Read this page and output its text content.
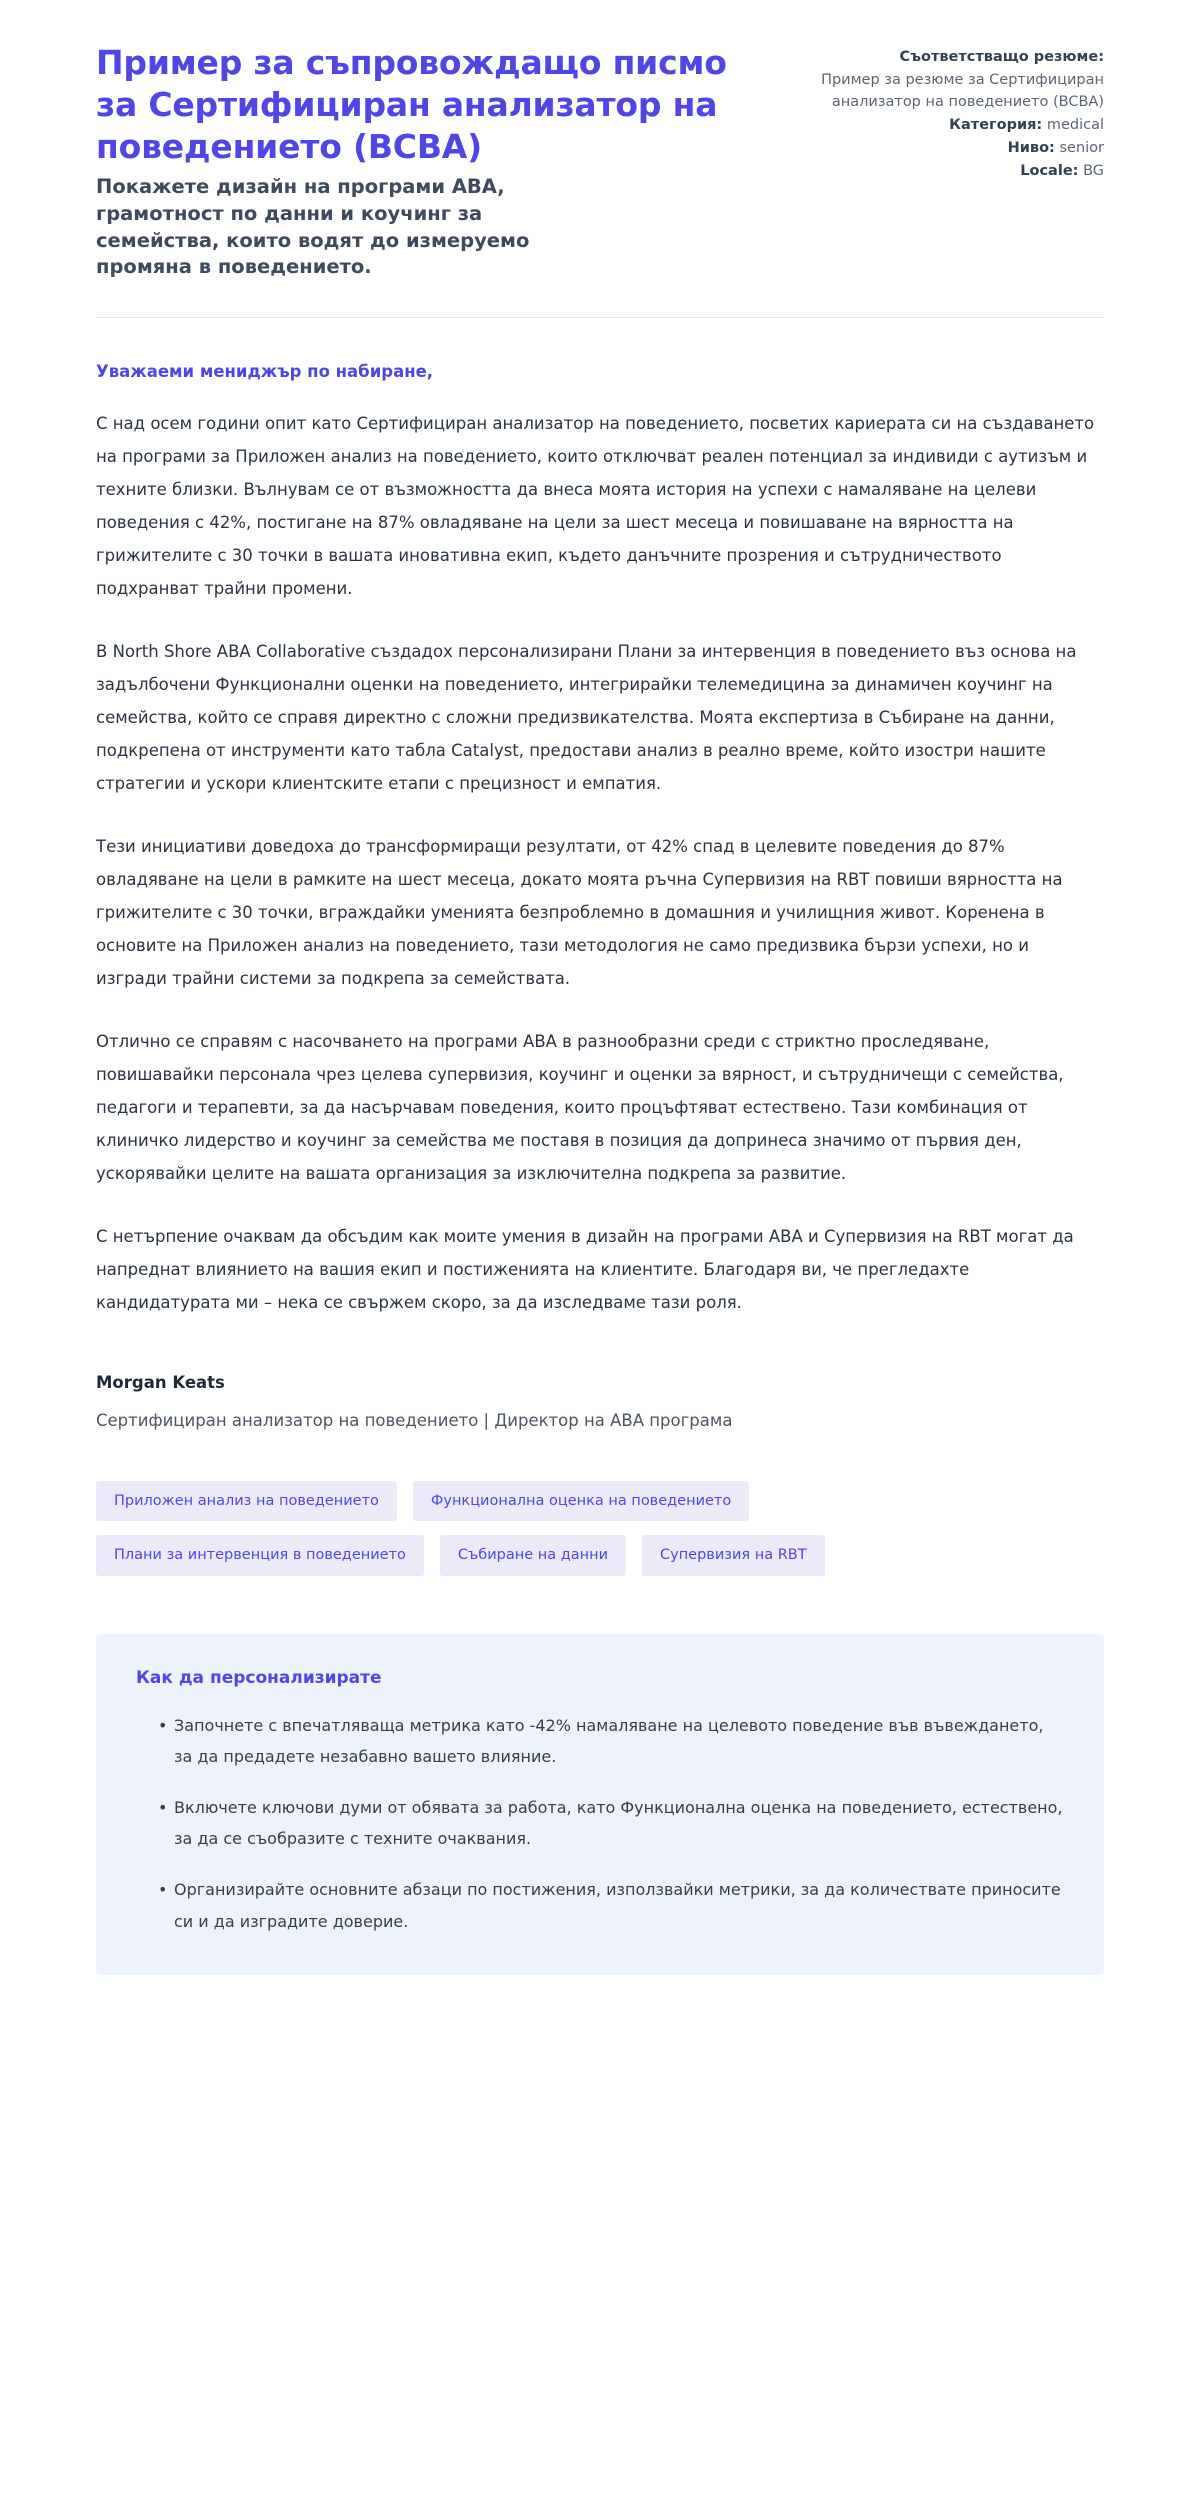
Пример за съпровождащо писмо за Сертифициран анализатор на поведението (BCBA)

Покажете дизайн на програми ABA, грамотност по данни и коучинг за семейства, които водят до измеруемо промяна в поведението.

Съответстващо резюме:

Пример за резюме за Сертифициран анализатор на поведението (BCBA)

Категория: medical

Ниво: senior

Locale: BG

Уважаеми мениджър по набиране,

С над осем години опит като Сертифициран анализатор на поведението, посветих кариерата си на създаването на програми за Приложен анализ на поведението, които отключват реален потенциал за индивиди с аутизъм и техните близки. Вълнувам се от възможността да внеса моята история на успехи с намаляване на целеви поведения с 42%, постигане на 87% овладяване на цели за шест месеца и повишаване на вярността на грижителите с 30 точки в вашата иновативна екип, където данъчните прозрения и сътрудничеството подхранват трайни промени.

В North Shore ABA Collaborative създадох персонализирани Плани за интервенция в поведението въз основа на задълбочени Функционални оценки на поведението, интегрирайки телемедицина за динамичен коучинг на семейства, който се справя директно с сложни предизвикателства. Моята експертиза в Събиране на данни, подкрепена от инструменти като табла Catalyst, предостави анализ в реално време, който изостри нашите стратегии и ускори клиентските етапи с прецизност и емпатия.

Тези инициативи доведоха до трансформиращи резултати, от 42% спад в целевите поведения до 87% овладяване на цели в рамките на шест месеца, докато моята ръчна Супервизия на RBT повиши вярността на грижителите с 30 точки, вграждайки уменията безпроблемно в домашния и училищния живот. Коренена в основите на Приложен анализ на поведението, тази методология не само предизвика бързи успехи, но и изгради трайни системи за подкрепа за семействата.

Отлично се справям с насочването на програми ABA в разнообразни среди с стриктно проследяване, повишавайки персонала чрез целева супервизия, коучинг и оценки за вярност, и сътрудничещи с семейства, педагоги и терапевти, за да насърчавам поведения, които процъфтяват естествено. Тази комбинация от клиничко лидерство и коучинг за семейства ме поставя в позиция да допринеса значимо от първия ден, ускорявайки целите на вашата организация за изключителна подкрепа за развитие.

С нетърпение очаквам да обсъдим как моите умения в дизайн на програми ABA и Супервизия на RBT могат да напреднат влиянието на вашия екип и постиженията на клиентите. Благодаря ви, че прегледахте кандидатурата ми – нека се свържем скоро, за да изследваме тази роля.

Morgan Keats

Сертифициран анализатор на поведението | Директор на ABA програма

Приложен анализ на поведението	Функционална оценка на поведението
Плани за интервенция в поведението	Събиране на данни	Супервизия на RBT

Как да персонализирате

• Започнете с впечатляваща метрика като -42% намаляване на целевото поведение във въвеждането, за да предадете незабавно вашето влияние.
• Включете ключови думи от обявата за работа, като Функционална оценка на поведението, естествено, за да се съобразите с техните очаквания.
• Организирайте основните абзаци по постижения, използвайки метрики, за да количествате приносите си и да изградите доверие.
